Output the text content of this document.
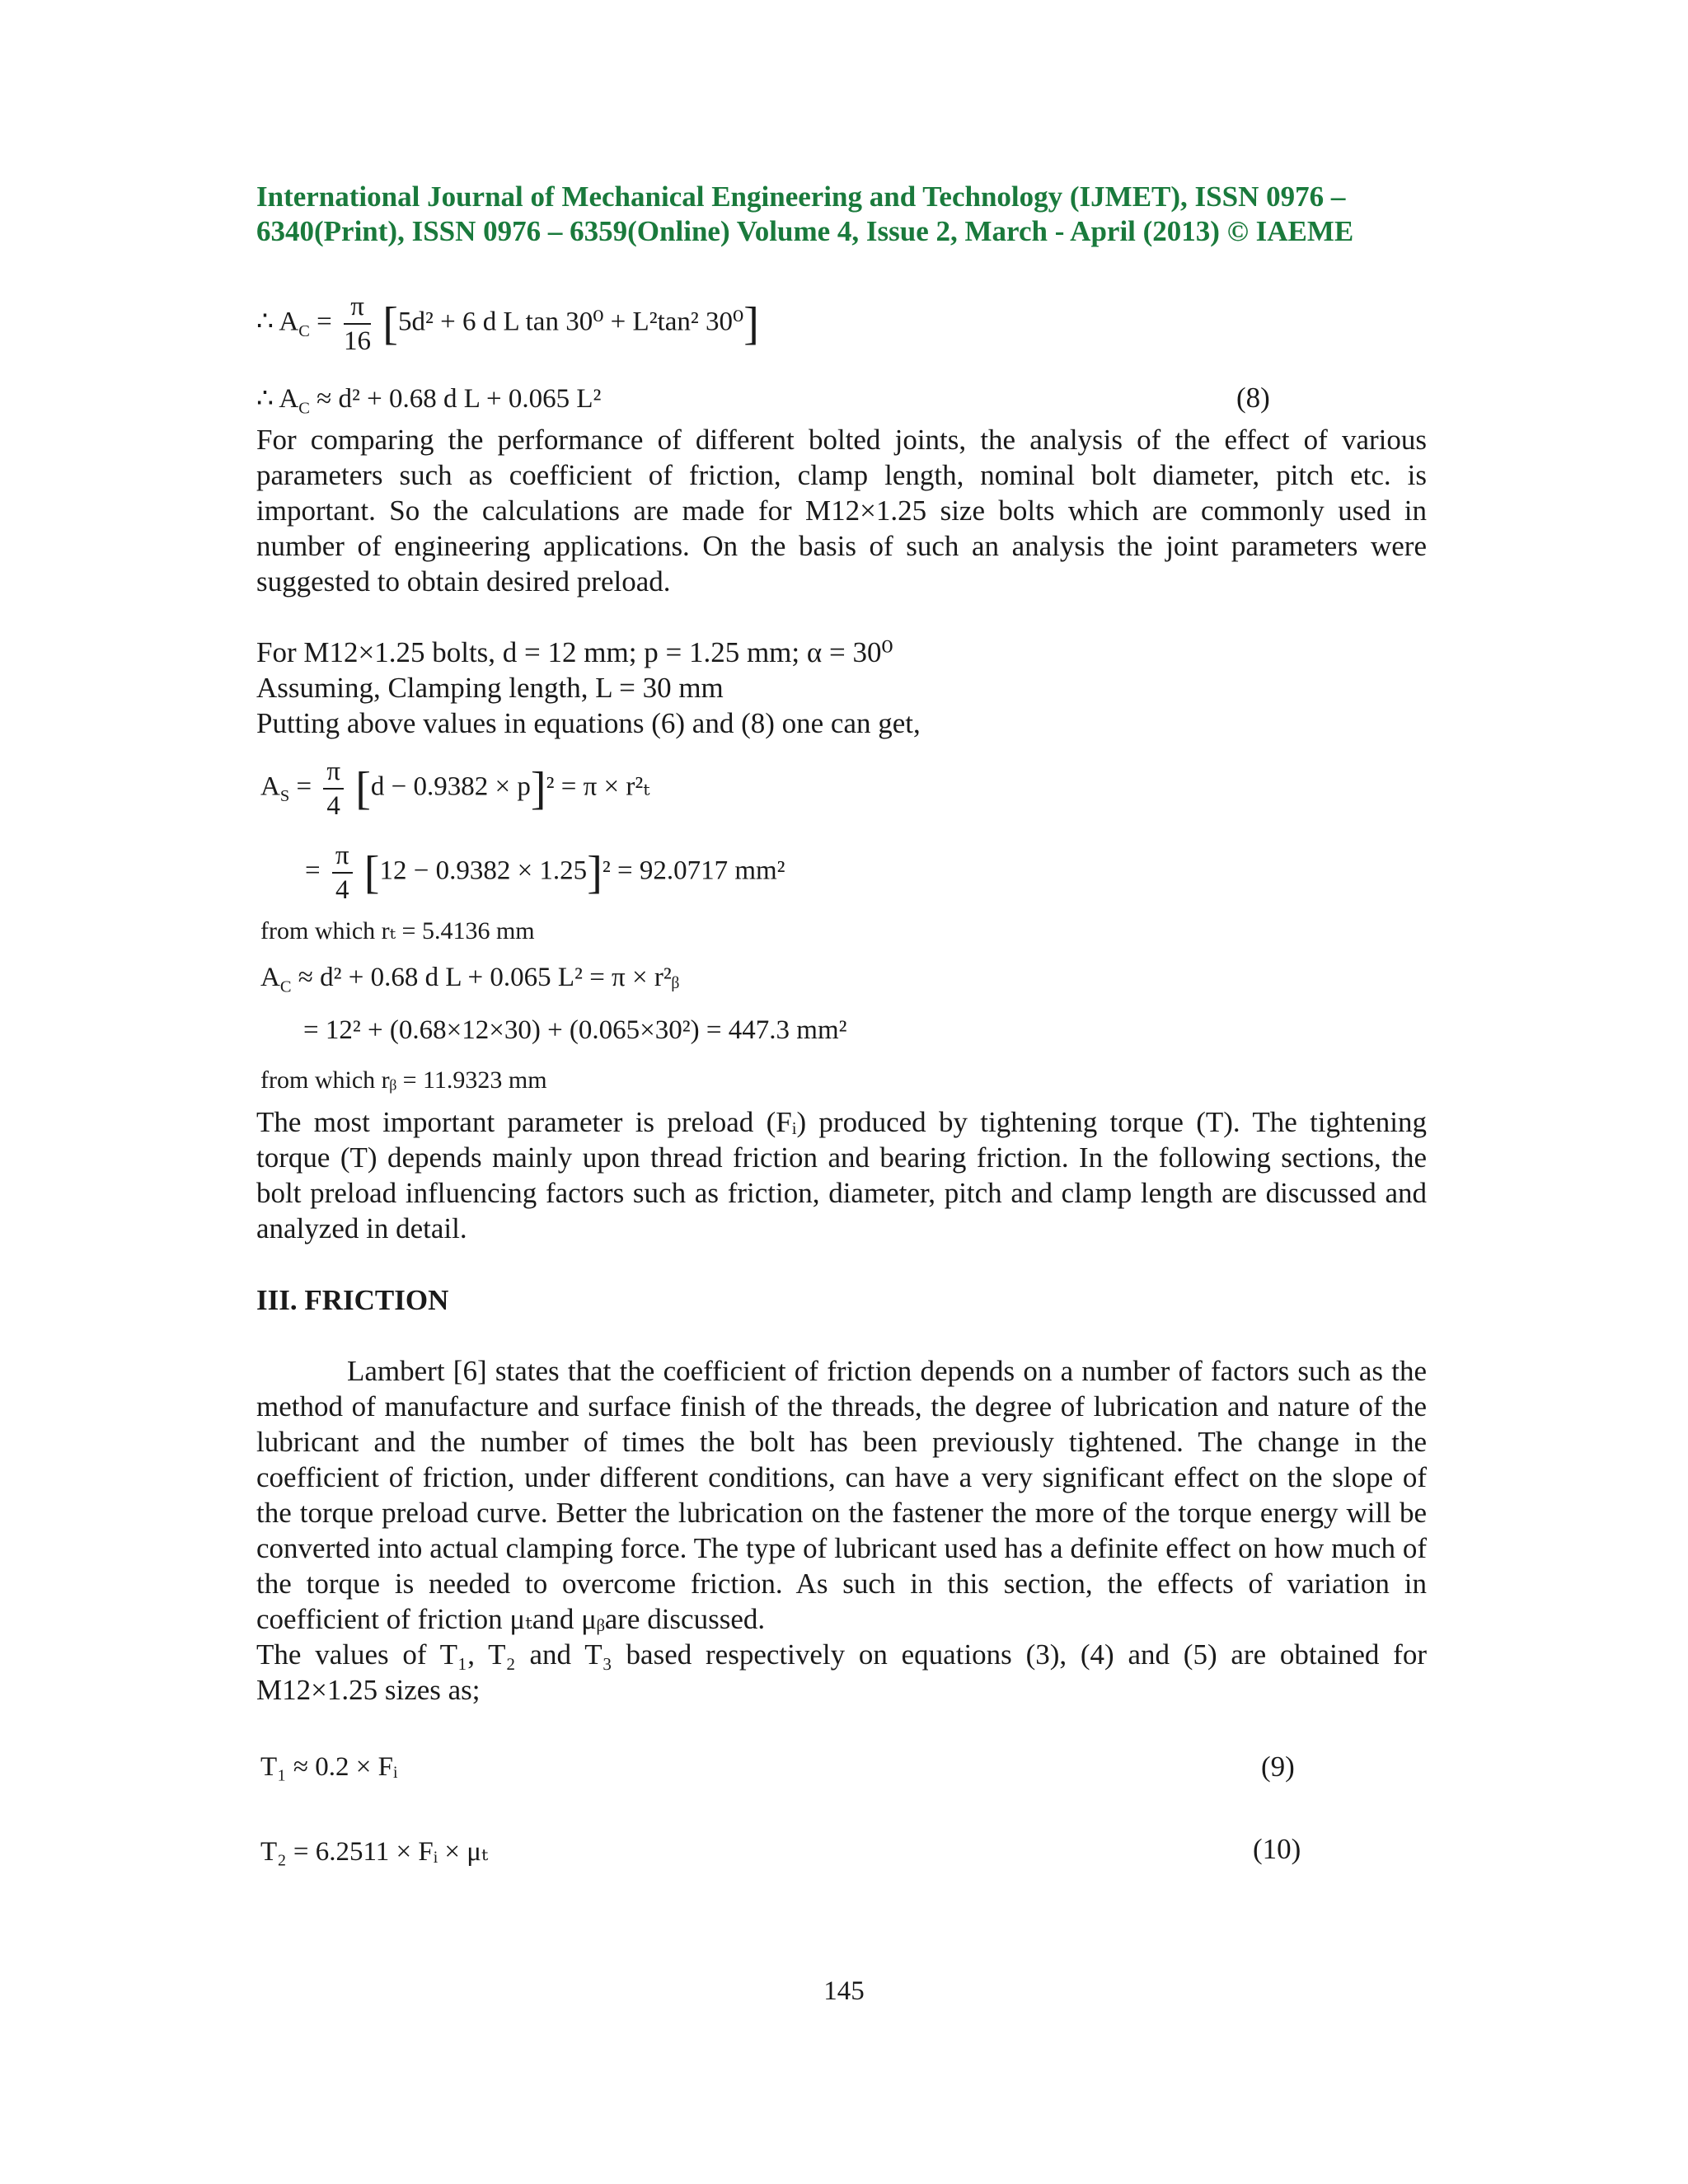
International Journal of Mechanical Engineering and Technology (IJMET), ISSN 0976 –
6340(Print), ISSN 0976 – 6359(Online) Volume 4, Issue 2, March - April (2013) © IAEME
∴ $A_C = \frac{\pi}{16} [5d^2 + 6$ d L tan 30⁰ + L²tan² 30⁰]
∴ $A_C \approx d^2 + 0.68$ d L + 0.065 L²	(8)

For comparing the performance of different bolted joints, the analysis of the effect of various parameters such as coefficient of friction, clamp length, nominal bolt diameter, pitch etc. is important. So the calculations are made for M12×1.25 size bolts which are commonly used in number of engineering applications. On the basis of such an analysis the joint parameters were suggested to obtain desired preload.

For M12×1.25 bolts, d = 12 mm; p = 1.25 mm; α = 30⁰

Assuming, Clamping length, L = 30 mm

Putting above values in equations (6) and (8) one can get,

$A_S = \frac{\pi}{4} [d - 0.9382 \times p]^2 = \pi \times r^2_t$
= $\frac{\pi}{4} [12 - 0.9382 \times 1.25]^2 = 92.0717$ mm²
from which rₜ = 5.4136 mm
$A_C \approx d^2 + 0.68$ d L + 0.065 L² = π × r²ᵦ
= 12² + (0.68×12×30) + (0.065×30²) = 447.3 mm²
from which rᵦ = 11.9323 mm

The most important parameter is preload (Fᵢ) produced by tightening torque (T). The tightening torque (T) depends mainly upon thread friction and bearing friction. In the following sections, the bolt preload influencing factors such as friction, diameter, pitch and clamp length are discussed and analyzed in detail.

III. FRICTION

Lambert [6] states that the coefficient of friction depends on a number of factors such as the method of manufacture and surface finish of the threads, the degree of lubrication and nature of the lubricant and the number of times the bolt has been previously tightened. The change in the coefficient of friction, under different conditions, can have a very significant effect on the slope of the torque preload curve. Better the lubrication on the fastener the more of the torque energy will be converted into actual clamping force. The type of lubricant used has a definite effect on how much of the torque is needed to overcome friction. As such in this section, the effects of variation in coefficient of friction μₜand μᵦare discussed.

The values of T₁, T₂ and T₃ based respectively on equations (3), (4) and (5) are obtained for M12×1.25 sizes as;

T₁ ≈ 0.2 × Fᵢ	(9)
T₂ = 6.2511 × Fᵢ × μₜ	(10)
145
